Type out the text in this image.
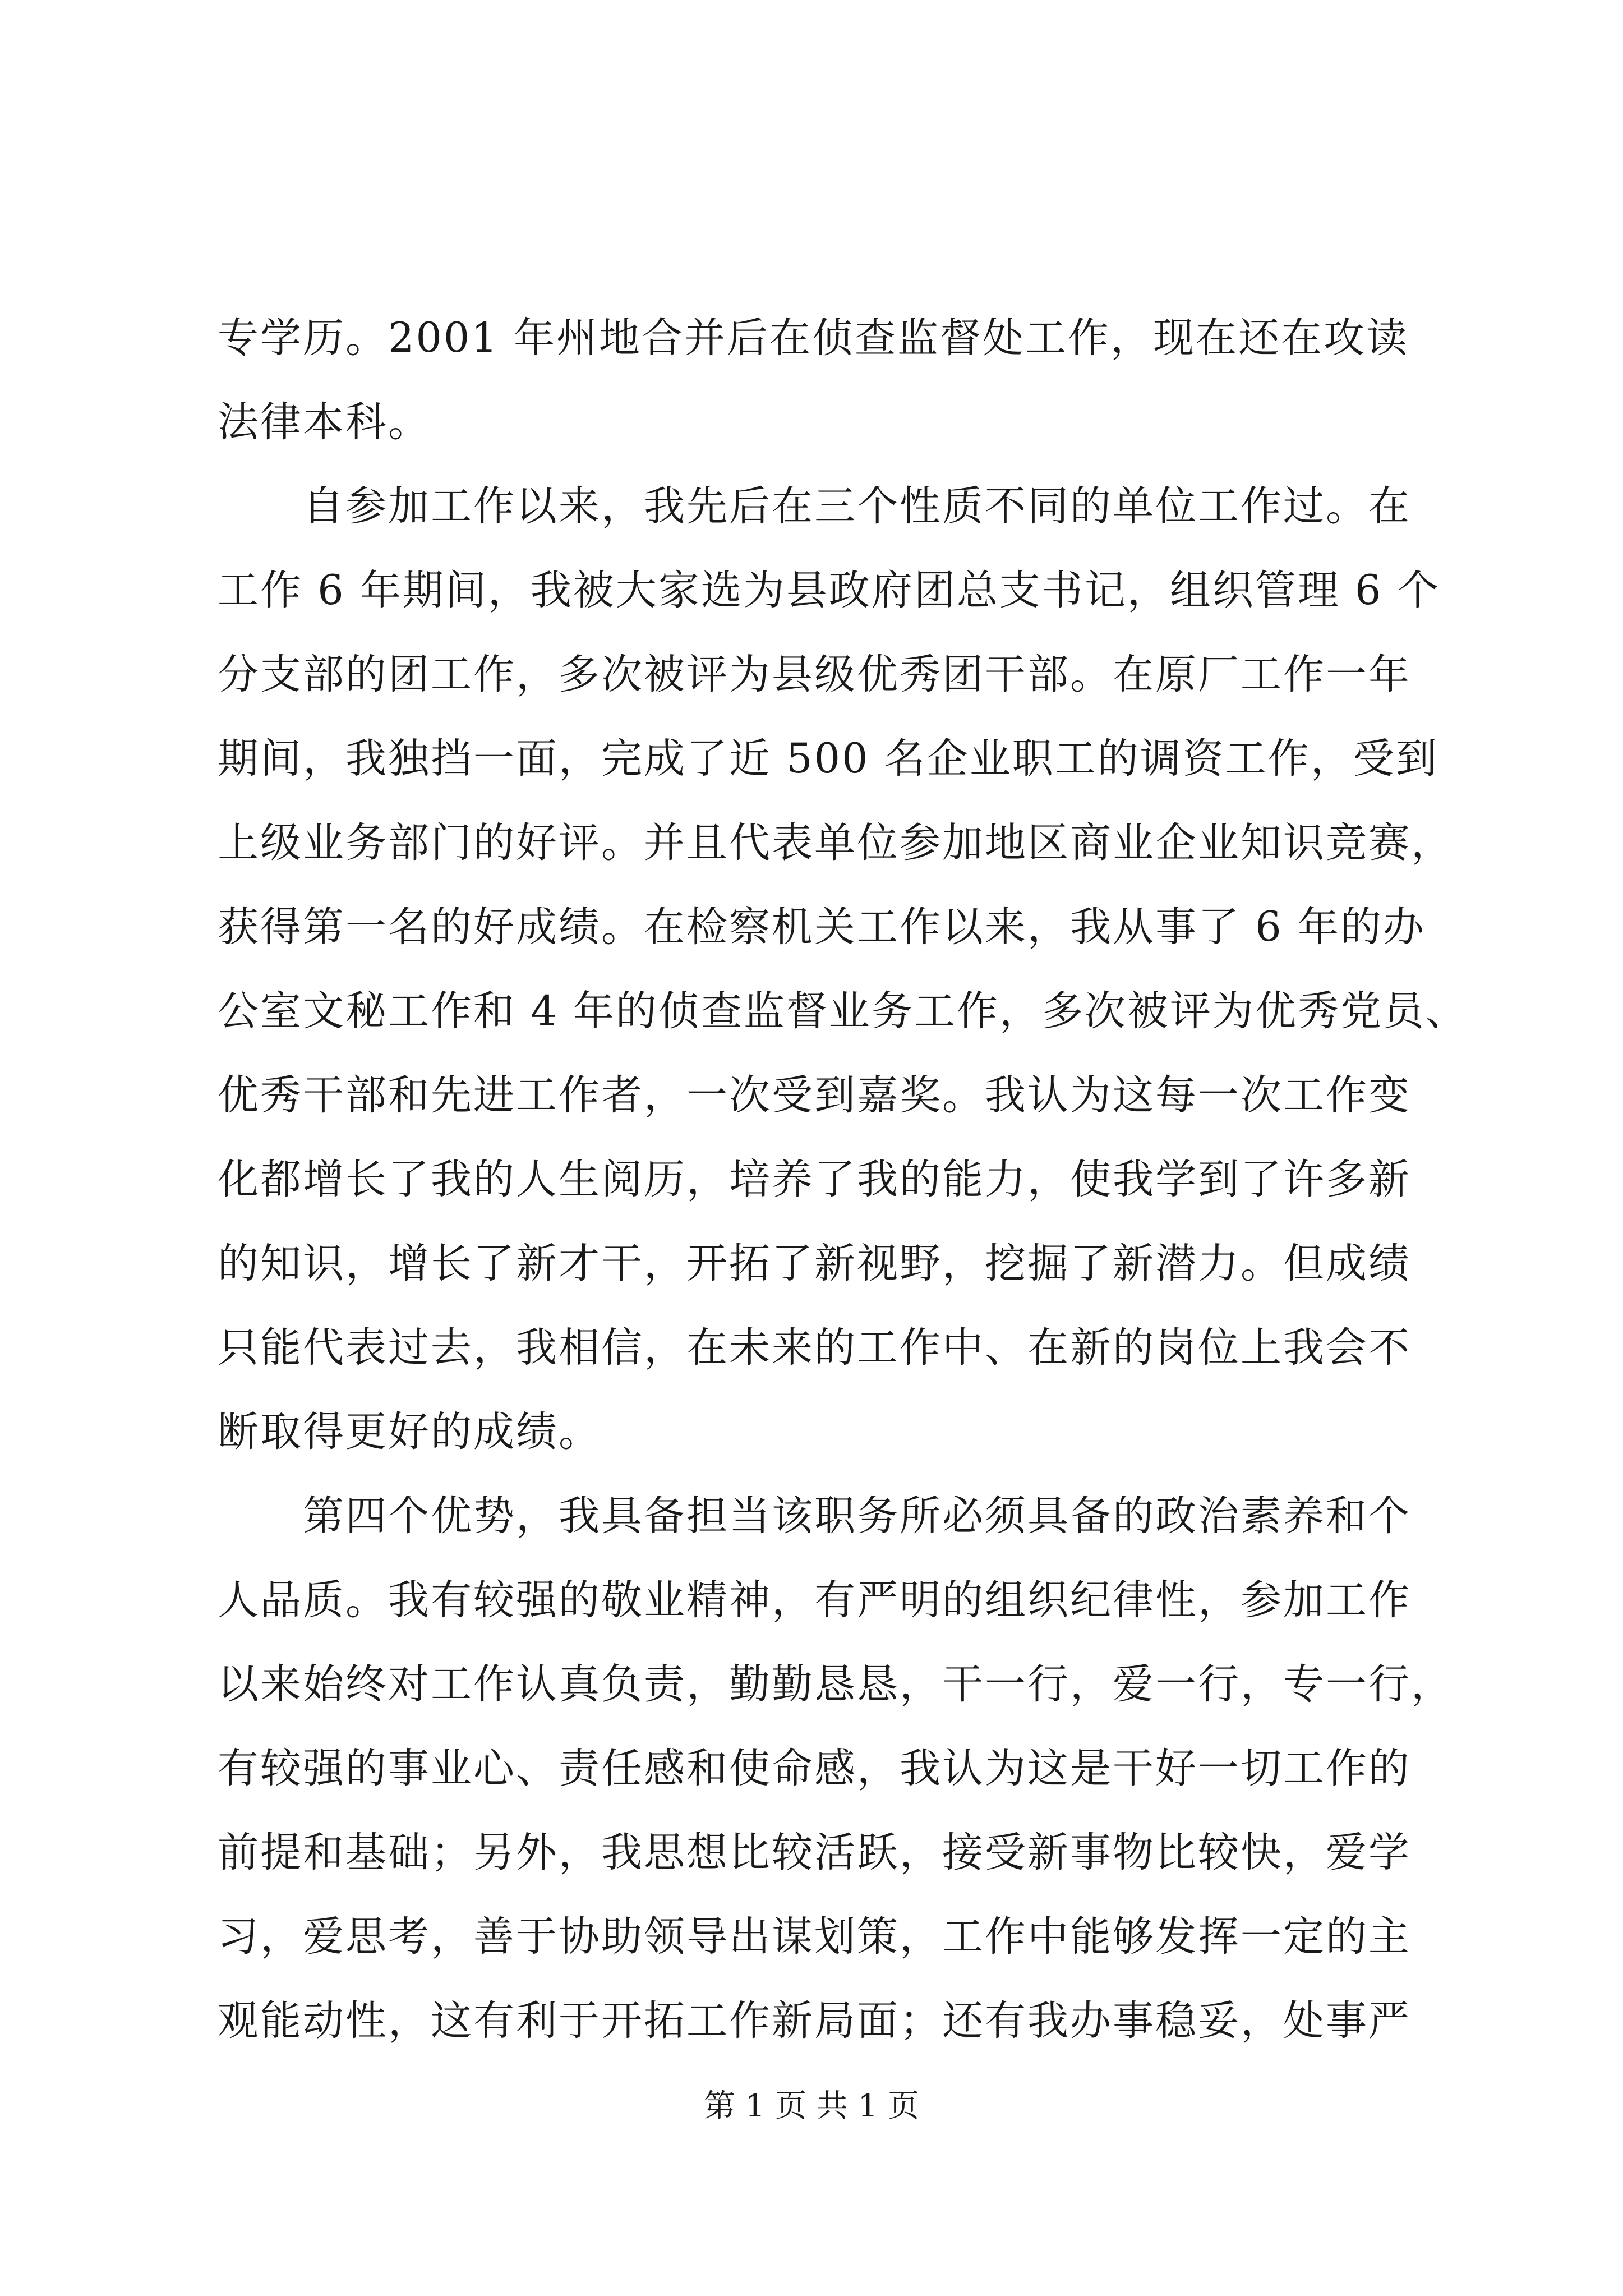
专学历。2001 年州地合并后在侦查监督处工作，现在还在攻读
法律本科。
　　自参加工作以来，我先后在三个性质不同的单位工作过。在
工作 6 年期间，我被大家选为县政府团总支书记，组织管理 6 个
分支部的团工作，多次被评为县级优秀团干部。在原厂工作一年
期间，我独挡一面，完成了近 500 名企业职工的调资工作，受到
上级业务部门的好评。并且代表单位参加地区商业企业知识竞赛，
获得第一名的好成绩。在检察机关工作以来，我从事了 6 年的办
公室文秘工作和 4 年的侦查监督业务工作，多次被评为优秀党员、
优秀干部和先进工作者，一次受到嘉奖。我认为这每一次工作变
化都增长了我的人生阅历，培养了我的能力，使我学到了许多新
的知识，增长了新才干，开拓了新视野，挖掘了新潜力。但成绩
只能代表过去，我相信，在未来的工作中、在新的岗位上我会不
断取得更好的成绩。
　　第四个优势，我具备担当该职务所必须具备的政治素养和个
人品质。我有较强的敬业精神，有严明的组织纪律性，参加工作
以来始终对工作认真负责，勤勤恳恳，干一行，爱一行，专一行，
有较强的事业心、责任感和使命感，我认为这是干好一切工作的
前提和基础；另外，我思想比较活跃，接受新事物比较快，爱学
习，爱思考，善于协助领导出谋划策，工作中能够发挥一定的主
观能动性，这有利于开拓工作新局面；还有我办事稳妥，处事严
第 1 页 共 1 页
